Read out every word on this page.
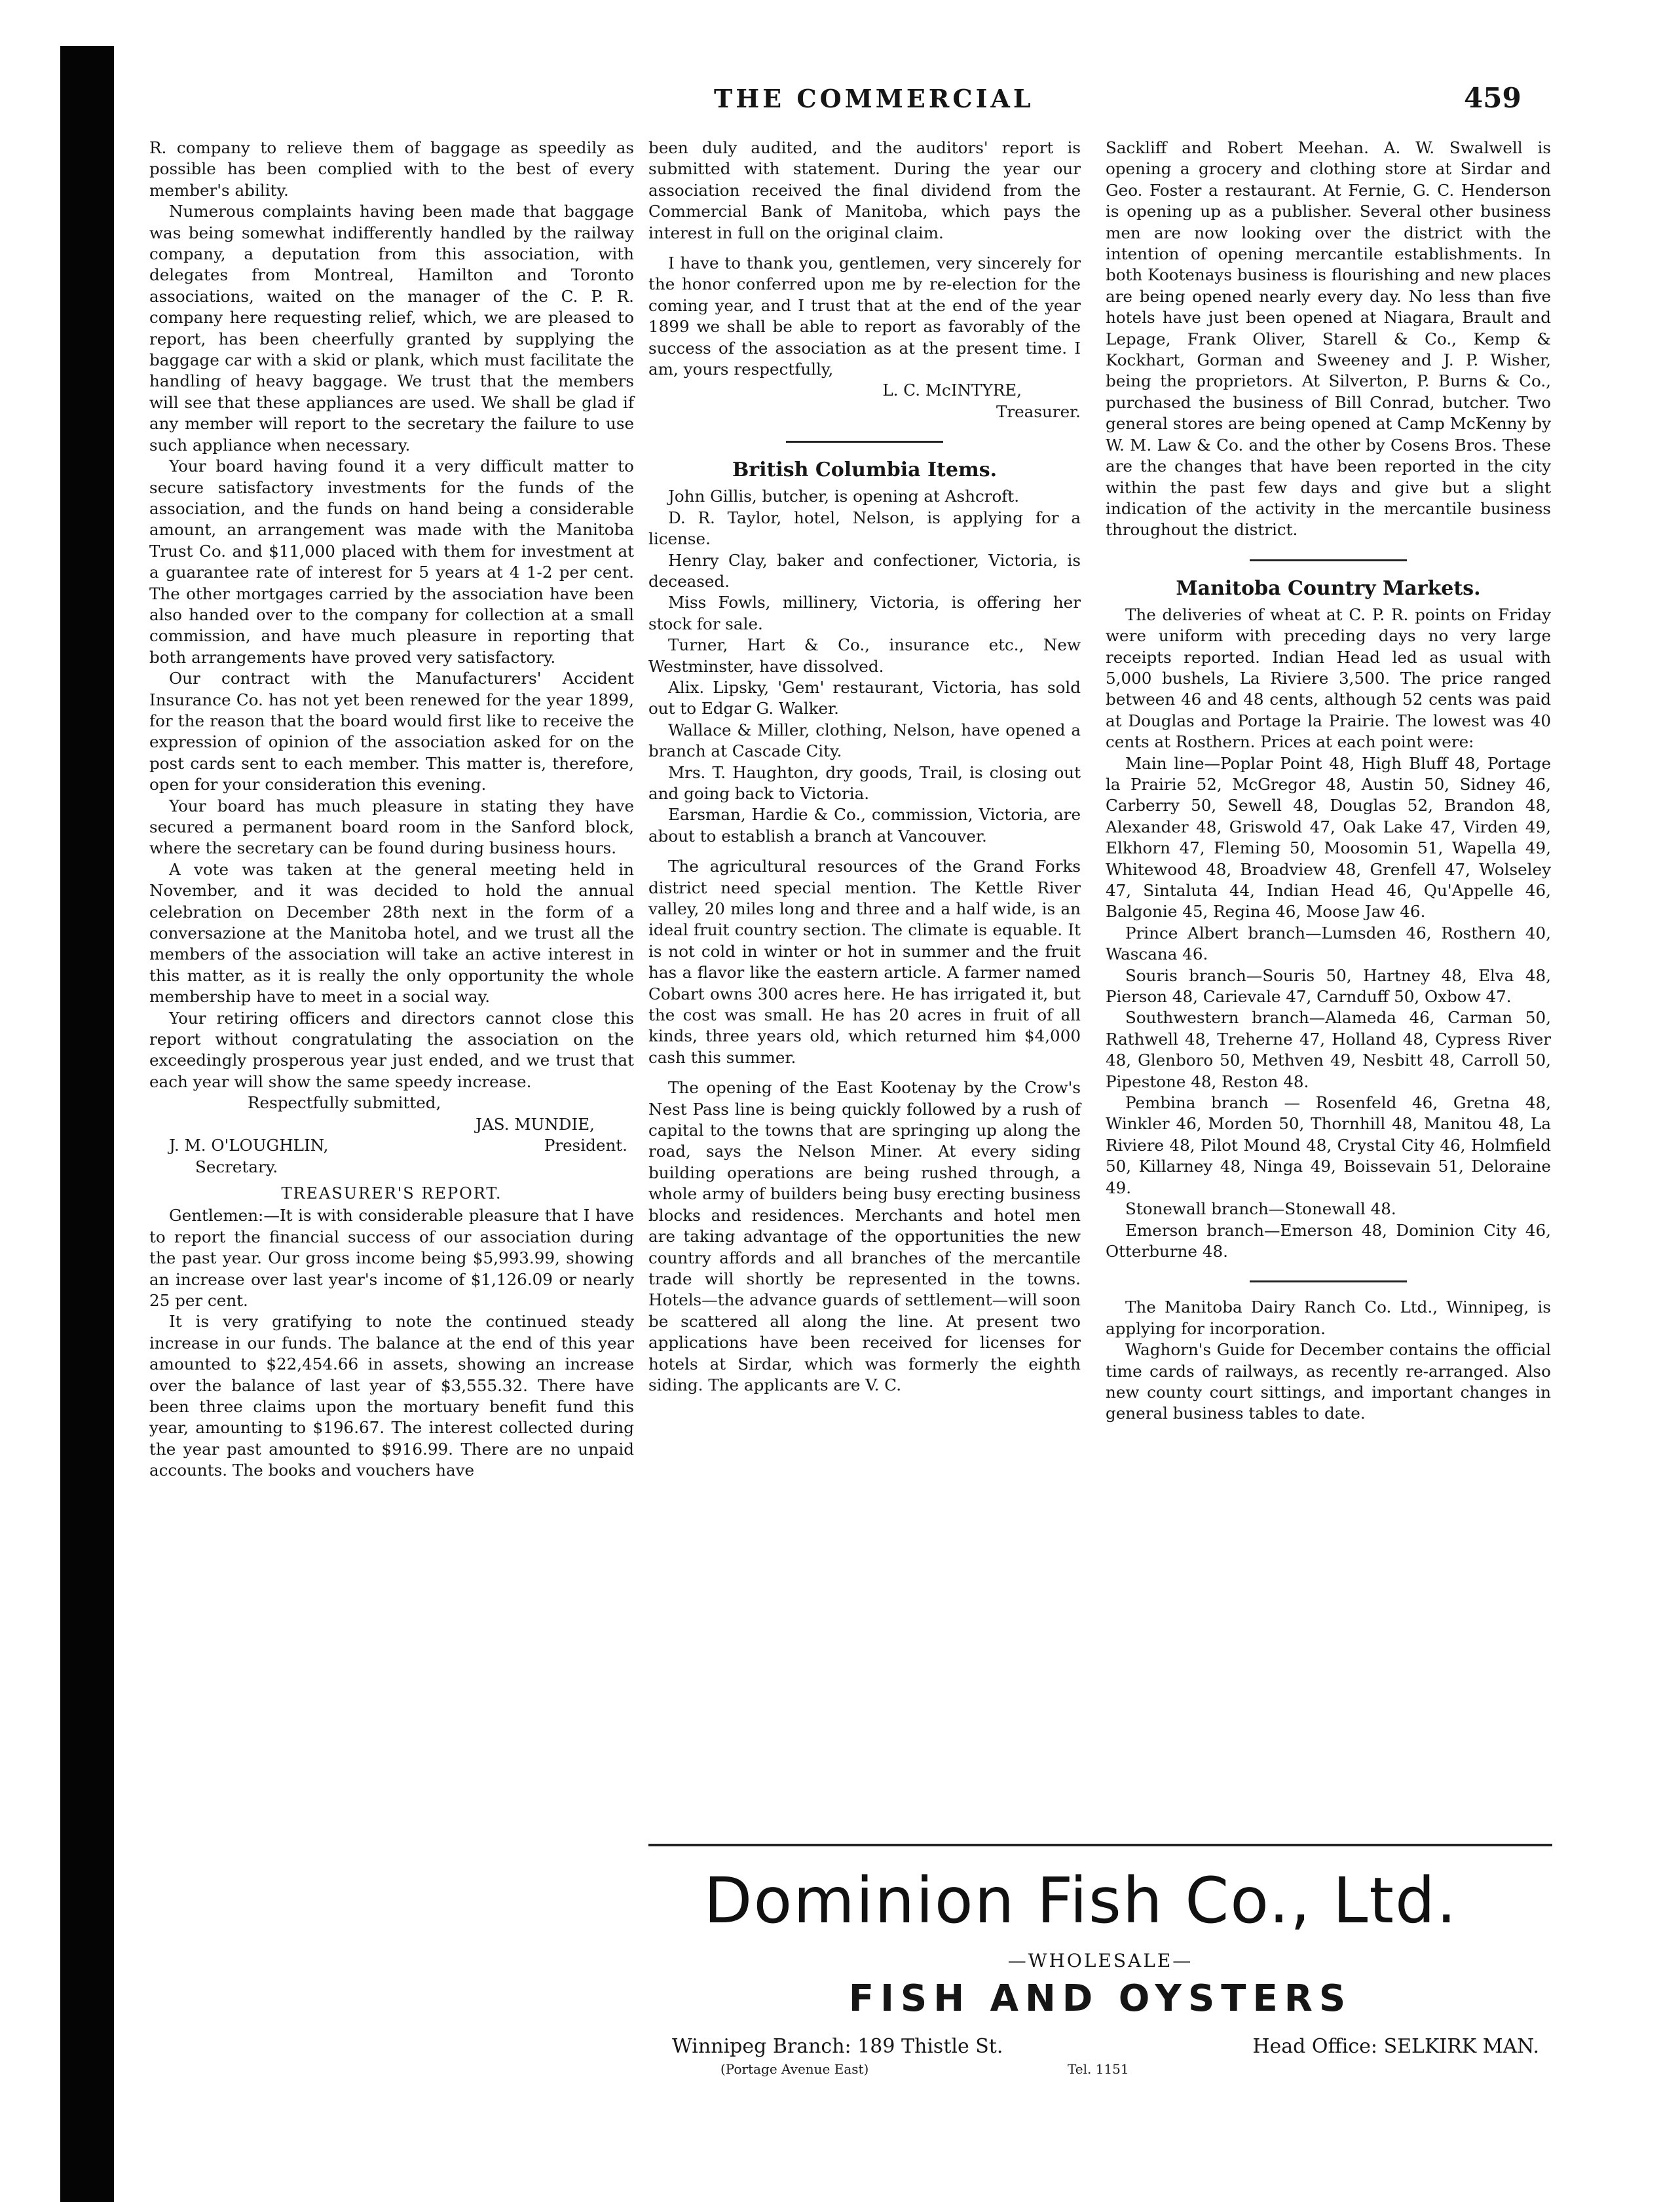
THE COMMERCIAL	459

R. company to relieve them of baggage as speedily as possible has been complied with to the best of every member's ability.

Numerous complaints having been made that baggage was being somewhat indifferently handled by the railway company, a deputation from this association, with delegates from Montreal, Hamilton and Toronto associations, waited on the manager of the C. P. R. company here requesting relief, which, we are pleased to report, has been cheerfully granted by supplying the baggage car with a skid or plank, which must facilitate the handling of heavy baggage. We trust that the members will see that these appliances are used. We shall be glad if any member will report to the secretary the failure to use such appliance when necessary.

Your board having found it a very difficult matter to secure satisfactory investments for the funds of the association, and the funds on hand being a considerable amount, an arrangement was made with the Manitoba Trust Co. and $11,000 placed with them for investment at a guarantee rate of interest for 5 years at 4 1-2 per cent. The other mortgages carried by the association have been also handed over to the company for collection at a small commission, and have much pleasure in reporting that both arrangements have proved very satisfactory.

Our contract with the Manufacturers' Accident Insurance Co. has not yet been renewed for the year 1899, for the reason that the board would first like to receive the expression of opinion of the association asked for on the post cards sent to each member. This matter is, therefore, open for your consideration this evening.

Your board has much pleasure in stating they have secured a permanent board room in the Sanford block, where the secretary can be found during business hours.

A vote was taken at the general meeting held in November, and it was decided to hold the annual celebration on December 28th next in the form of a conversazione at the Manitoba hotel, and we trust all the members of the association will take an active interest in this matter, as it is really the only opportunity the whole membership have to meet in a social way.

Your retiring officers and directors cannot close this report without congratulating the association on the exceedingly prosperous year just ended, and we trust that each year will show the same speedy increase.

Respectfully submitted,

JAS. MUNDIE,

J. M. O'LOUGHLIN,	President.

Secretary.

TREASURER'S REPORT.

Gentlemen:—It is with considerable pleasure that I have to report the financial success of our association during the past year. Our gross income being $5,993.99, showing an increase over last year's income of $1,126.09 or nearly 25 per cent.

It is very gratifying to note the continued steady increase in our funds. The balance at the end of this year amounted to $22,454.66 in assets, showing an increase over the balance of last year of $3,555.32. There have been three claims upon the mortuary benefit fund this year, amounting to $196.67. The interest collected during the year past amounted to $916.99. There are no unpaid accounts. The books and vouchers have

been duly audited, and the auditors' report is submitted with statement. During the year our association received the final dividend from the Commercial Bank of Manitoba, which pays the interest in full on the original claim.

I have to thank you, gentlemen, very sincerely for the honor conferred upon me by re-election for the coming year, and I trust that at the end of the year 1899 we shall be able to report as favorably of the success of the association as at the present time. I am, yours respectfully,

L. C. McINTYRE,

Treasurer.

British Columbia Items.

John Gillis, butcher, is opening at Ashcroft.

D. R. Taylor, hotel, Nelson, is applying for a license.

Henry Clay, baker and confectioner, Victoria, is deceased.

Miss Fowls, millinery, Victoria, is offering her stock for sale.

Turner, Hart & Co., insurance etc., New Westminster, have dissolved.

Alix. Lipsky, 'Gem' restaurant, Victoria, has sold out to Edgar G. Walker.

Wallace & Miller, clothing, Nelson, have opened a branch at Cascade City.

Mrs. T. Haughton, dry goods, Trail, is closing out and going back to Victoria.

Earsman, Hardie & Co., commission, Victoria, are about to establish a branch at Vancouver.

The agricultural resources of the Grand Forks district need special mention. The Kettle River valley, 20 miles long and three and a half wide, is an ideal fruit country section. The climate is equable. It is not cold in winter or hot in summer and the fruit has a flavor like the eastern article. A farmer named Cobart owns 300 acres here. He has irrigated it, but the cost was small. He has 20 acres in fruit of all kinds, three years old, which returned him $4,000 cash this summer.

The opening of the East Kootenay by the Crow's Nest Pass line is being quickly followed by a rush of capital to the towns that are springing up along the road, says the Nelson Miner. At every siding building operations are being rushed through, a whole army of builders being busy erecting business blocks and residences. Merchants and hotel men are taking advantage of the opportunities the new country affords and all branches of the mercantile trade will shortly be represented in the towns. Hotels—the advance guards of settlement—will soon be scattered all along the line. At present two applications have been received for licenses for hotels at Sirdar, which was formerly the eighth siding. The applicants are V. C.

Sackliff and Robert Meehan. A. W. Swalwell is opening a grocery and clothing store at Sirdar and Geo. Foster a restaurant. At Fernie, G. C. Henderson is opening up as a publisher. Several other business men are now looking over the district with the intention of opening mercantile establishments. In both Kootenays business is flourishing and new places are being opened nearly every day. No less than five hotels have just been opened at Niagara, Brault and Lepage, Frank Oliver, Starell & Co., Kemp & Kockhart, Gorman and Sweeney and J. P. Wisher, being the proprietors. At Silverton, P. Burns & Co., purchased the business of Bill Conrad, butcher. Two general stores are being opened at Camp McKenny by W. M. Law & Co. and the other by Cosens Bros. These are the changes that have been reported in the city within the past few days and give but a slight indication of the activity in the mercantile business throughout the district.

Manitoba Country Markets.

The deliveries of wheat at C. P. R. points on Friday were uniform with preceding days no very large receipts reported. Indian Head led as usual with 5,000 bushels, La Riviere 3,500. The price ranged between 46 and 48 cents, although 52 cents was paid at Douglas and Portage la Prairie. The lowest was 40 cents at Rosthern. Prices at each point were:

Main line—Poplar Point 48, High Bluff 48, Portage la Prairie 52, McGregor 48, Austin 50, Sidney 46, Carberry 50, Sewell 48, Douglas 52, Brandon 48, Alexander 48, Griswold 47, Oak Lake 47, Virden 49, Elkhorn 47, Fleming 50, Moosomin 51, Wapella 49, Whitewood 48, Broadview 48, Grenfell 47, Wolseley 47, Sintaluta 44, Indian Head 46, Qu'Appelle 46, Balgonie 45, Regina 46, Moose Jaw 46.

Prince Albert branch—Lumsden 46, Rosthern 40, Wascana 46.

Souris branch—Souris 50, Hartney 48, Elva 48, Pierson 48, Carievale 47, Carnduff 50, Oxbow 47.

Southwestern branch—Alameda 46, Carman 50, Rathwell 48, Treherne 47, Holland 48, Cypress River 48, Glenboro 50, Methven 49, Nesbitt 48, Carroll 50, Pipestone 48, Reston 48.

Pembina branch — Rosenfeld 46, Gretna 48, Winkler 46, Morden 50, Thornhill 48, Manitou 48, La Riviere 48, Pilot Mound 48, Crystal City 46, Holmfield 50, Killarney 48, Ninga 49, Boissevain 51, Deloraine 49.

Stonewall branch—Stonewall 48.

Emerson branch—Emerson 48, Dominion City 46, Otterburne 48.

The Manitoba Dairy Ranch Co. Ltd., Winnipeg, is applying for incorporation.

Waghorn's Guide for December contains the official time cards of railways, as recently re-arranged. Also new county court sittings, and important changes in general business tables to date.

Dominion Fish Co., Ltd.
—WHOLESALE—
FISH AND OYSTERS
Winnipeg Branch: 189 Thistle St.	Head Office: SELKIRK MAN.
(Portage Avenue East)	Tel. 1151
